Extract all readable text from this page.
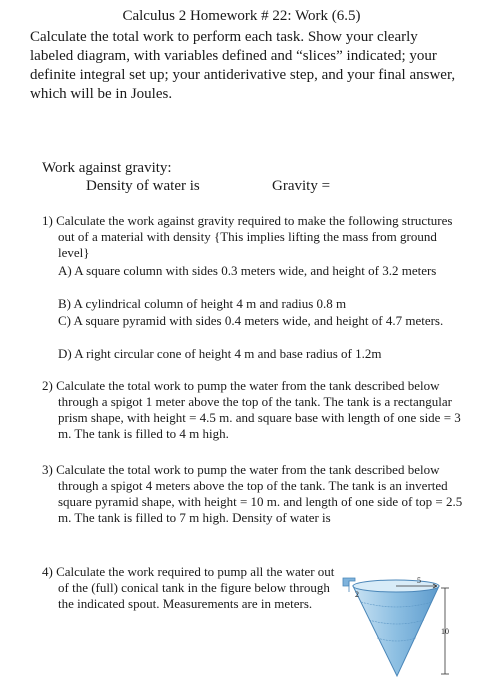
Calculus 2 Homework # 22: Work (6.5)
Calculate the total work to perform each task. Show your clearly labeled diagram, with variables defined and “slices” indicated; your definite integral set up; your antiderivative step, and your final answer, which will be in Joules.
Work against gravity:
Density of water is	Gravity =
1) Calculate the work against gravity required to make the following structures out of a material with density {This implies lifting the mass from ground level}
A) A square column with sides 0.3 meters wide, and height of 3.2 meters
B) A cylindrical column of height 4 m and radius 0.8 m
C) A square pyramid with sides 0.4 meters wide, and height of 4.7 meters.
D) A right circular cone of height 4 m and base radius of 1.2m
2) Calculate the total work to pump the water from the tank described below through a spigot 1 meter above the top of the tank. The tank is a rectangular prism shape, with height = 4.5 m. and square base with length of one side = 3 m. The tank is filled to 4 m high.
3) Calculate the total work to pump the water from the tank described below through a spigot 4 meters above the top of the tank. The tank is an inverted square pyramid shape, with height = 10 m. and length of one side of top = 2.5 m. The tank is filled to 7 m high. Density of water is
4) Calculate the work required to pump all the water out of the (full) conical tank in the figure below through the indicated spout. Measurements are in meters.
5
2
10
